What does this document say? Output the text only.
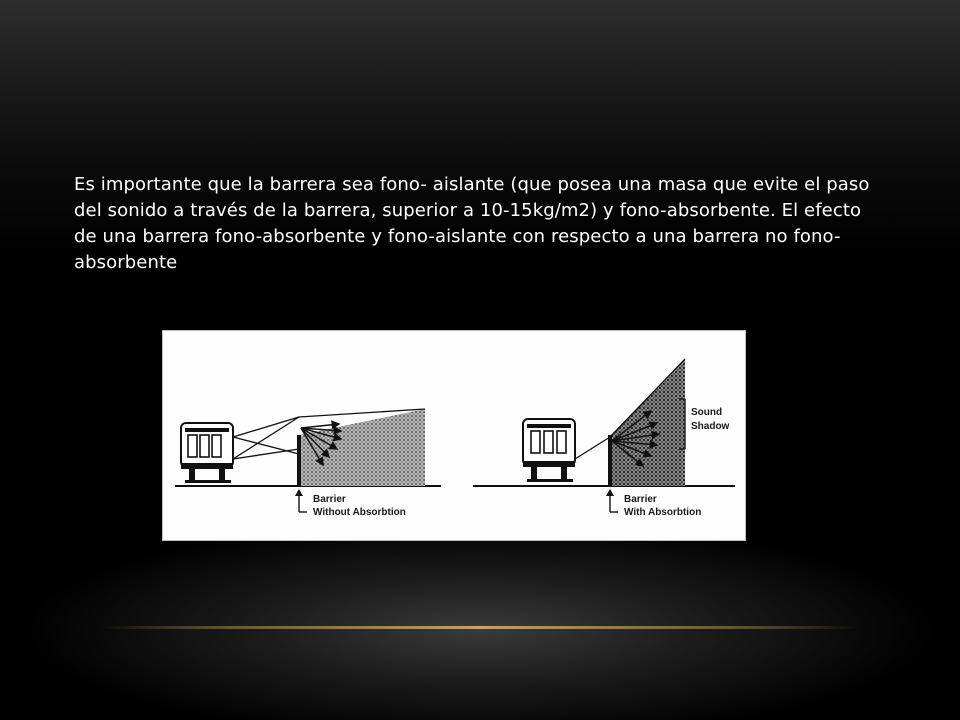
Es importante que la barrera sea fono- aislante (que posea una masa que evite el paso del sonido a través de la barrera, superior a 10-15kg/m2) y fono-absorbente. El efecto de una barrera fono-absorbente y fono-aislante con respecto a una barrera no fono-absorbente

Barrier
Without Absorbtion
Sound
Shadow
Barrier
With Absorbtion
